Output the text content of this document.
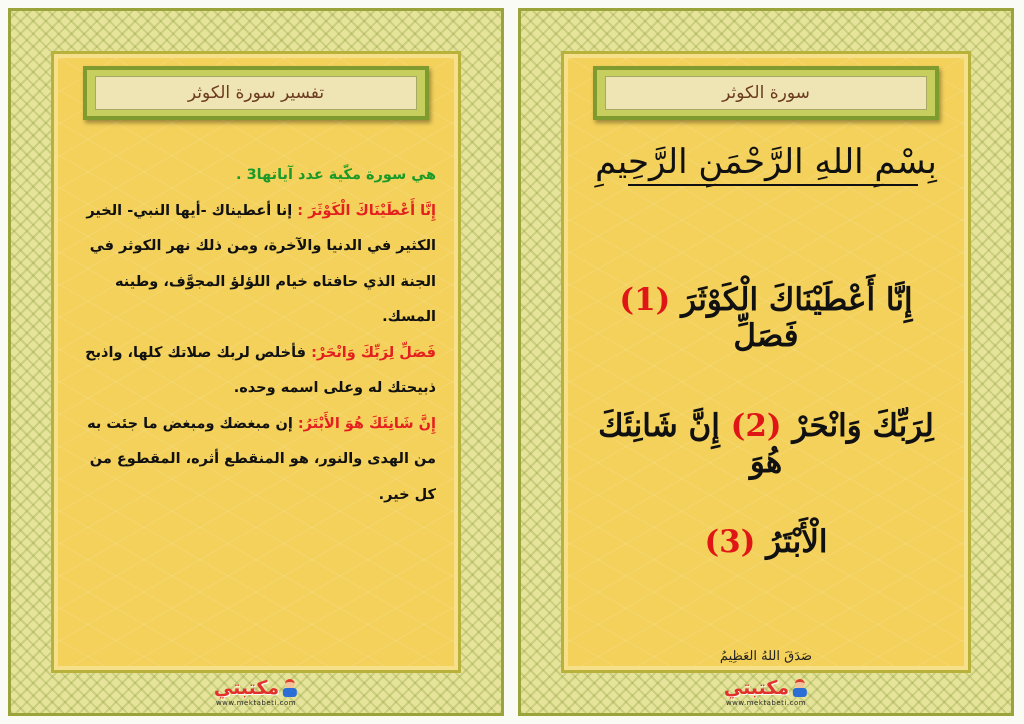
تفسير سورة الكوثر
هي سورة مكّية عدد آياتها3 .
إِنَّا أَعْطَيْنَاكَ الْكَوْثَرَ : إنا أعطيناك -أيها النبي- الخير الكثير في الدنيا والآخرة، ومن ذلك نهر الكوثر في الجنة الذي حافتاه خيام اللؤلؤ المجوَّف، وطينه المسك.
فَصَلِّ لِرَبِّكَ وَانْحَرْ: فأخلص لربك صلاتك كلها، واذبح ذبيحتك له وعلى اسمه وحده.
إِنَّ شَانِئَكَ هُوَ الأَبْتَرُ: إن مبغضك ومبغض ما جئت به من الهدى والنور، هو المنقطع أثره، المقطوع من كل خير.
مكتبتي
www.mektabeti.com
سورة الكوثر
بِسْمِ اللهِ الرَّحْمَنِ الرَّحِيمِ
إِنَّا أَعْطَيْنَاكَ الْكَوْثَرَ (1) فَصَلِّ
لِرَبِّكَ وَانْحَرْ (2) إِنَّ شَانِئَكَ هُوَ
الْأَبْتَرُ (3)
صَدَقَ اللهُ العَظِيمُ
مكتبتي
www.mektabeti.com
